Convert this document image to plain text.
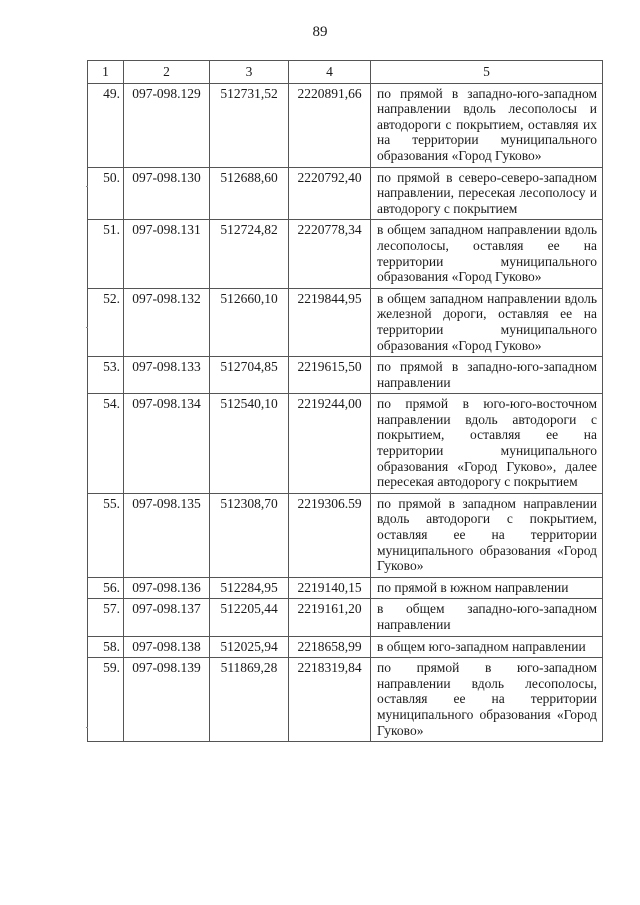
89
1	2	3	4	5
49.	097-098.129	512731,52	2220891,66	по прямой в западно-юго-западном направлении вдоль лесополосы и автодороги с покрытием, оставляя их на территории муниципального образования «Город Гуково»
50.	097-098.130	512688,60	2220792,40	по прямой в северо-северо-западном направлении, пересекая лесополосу и автодорогу с покрытием
51.	097-098.131	512724,82	2220778,34	в общем западном направлении вдоль лесополосы, оставляя ее на территории муниципального образования «Город Гуково»
52.	097-098.132	512660,10	2219844,95	в общем западном направлении вдоль железной дороги, оставляя ее на территории муниципального образования «Город Гуково»
53.	097-098.133	512704,85	2219615,50	по прямой в западно-юго-западном направлении
54.	097-098.134	512540,10	2219244,00	по прямой в юго-юго-восточном направлении вдоль автодороги с покрытием, оставляя ее на территории муниципального образования «Город Гуково», далее пересекая автодорогу с покрытием
55.	097-098.135	512308,70	2219306.59	по прямой в западном направлении вдоль автодороги с покрытием, оставляя ее на территории муниципального образования «Город Гуково»
56.	097-098.136	512284,95	2219140,15	по прямой в южном направлении
57.	097-098.137	512205,44	2219161,20	в общем западно-юго-западном направлении
58.	097-098.138	512025,94	2218658,99	в общем юго-западном направлении
59.	097-098.139	511869,28	2218319,84	по прямой в юго-западном направлении вдоль лесополосы, оставляя ее на территории муниципального образования «Город Гуково»
